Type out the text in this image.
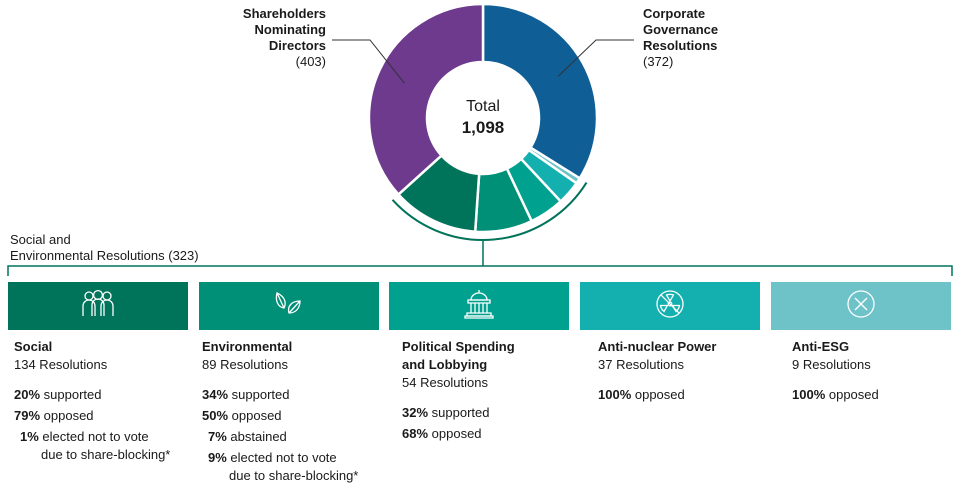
Total
1,098
Shareholders
Nominating
Directors
(403)
Corporate
Governance
Resolutions
(372)
Social and
Environmental Resolutions (323)
Social
134 Resolutions
20% supported
79% opposed
1% elected not to vote
due to share-blocking*
Environmental
89 Resolutions
34% supported
50% opposed
7% abstained
9% elected not to vote
due to share-blocking*
Political Spending
and Lobbying
54 Resolutions
32% supported
68% opposed
Anti-nuclear Power
37 Resolutions
100% opposed
Anti-ESG
9 Resolutions
100% opposed
